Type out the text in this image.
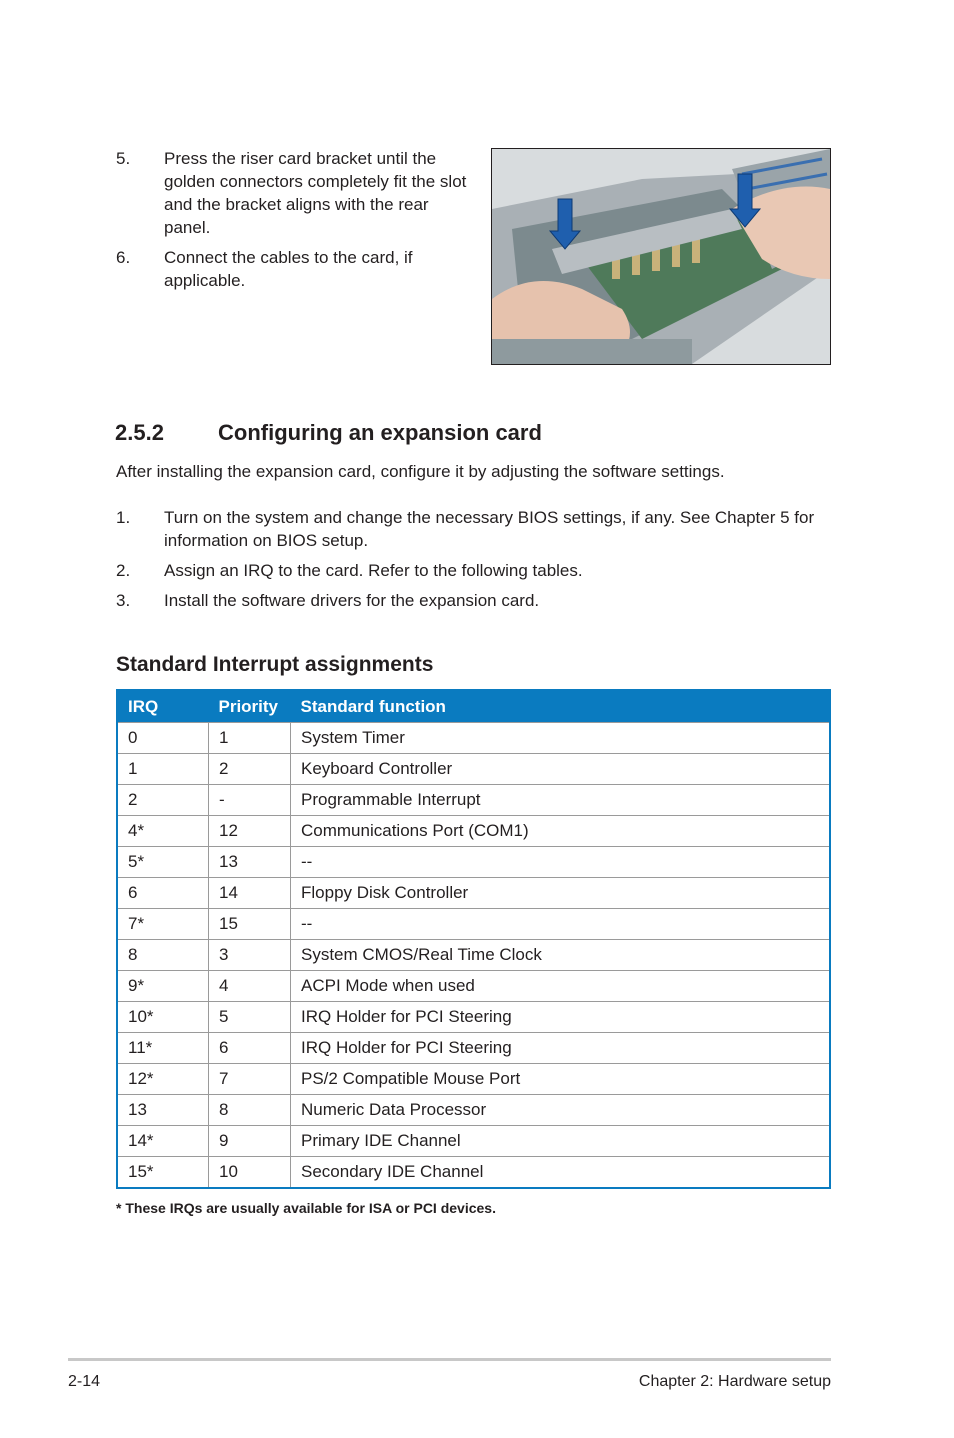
5. Press the riser card bracket until the golden connectors completely fit the slot and the bracket aligns with the rear panel.
6. Connect the cables to the card, if applicable.
2.5.2 Configuring an expansion card
After installing the expansion card, configure it by adjusting the software settings.
1. Turn on the system and change the necessary BIOS settings, if any. See Chapter 5 for information on BIOS setup.
2. Assign an IRQ to the card. Refer to the following tables.
3. Install the software drivers for the expansion card.
Standard Interrupt assignments
IRQ	Priority	Standard function
0	1	System Timer
1	2	Keyboard Controller
2	-	Programmable Interrupt
4*	12	Communications Port (COM1)
5*	13	--
6	14	Floppy Disk Controller
7*	15	--
8	3	System CMOS/Real Time Clock
9*	4	ACPI Mode when used
10*	5	IRQ Holder for PCI Steering
11*	6	IRQ Holder for PCI Steering
12*	7	PS/2 Compatible Mouse Port
13	8	Numeric Data Processor
14*	9	Primary IDE Channel
15*	10	Secondary IDE Channel
* These IRQs are usually available for ISA or PCI devices.
2-14	Chapter 2: Hardware setup
